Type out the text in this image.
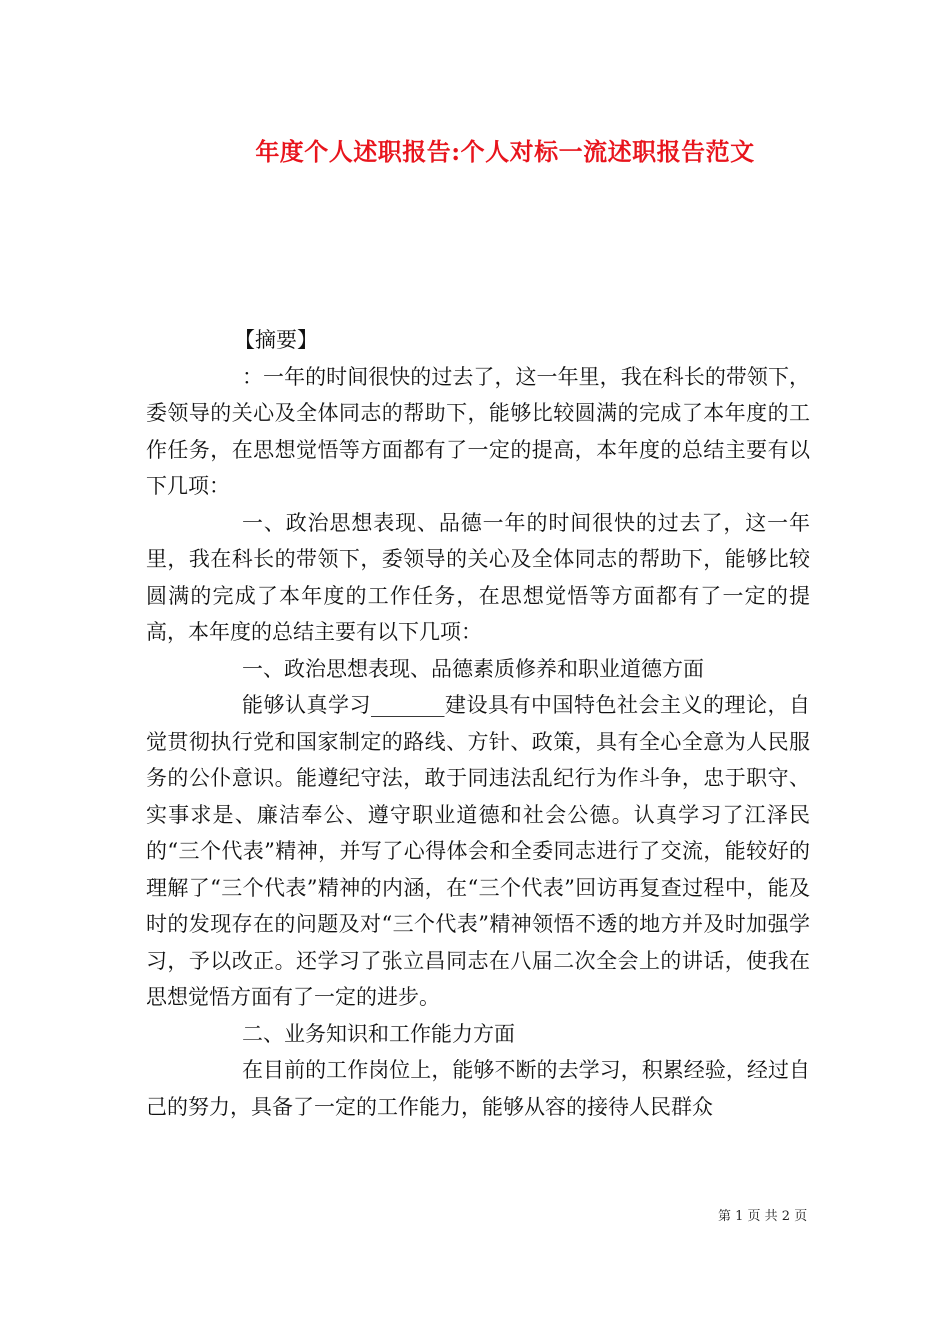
年度个人述职报告:个人对标一流述职报告范文

【摘要】

：一年的时间很快的过去了，这一年里，我在科长的带领下，委领导的关心及全体同志的帮助下，能够比较圆满的完成了本年度的工作任务，在思想觉悟等方面都有了一定的提高，本年度的总结主要有以下几项：

一、政治思想表现、品德一年的时间很快的过去了，这一年里，我在科长的带领下，委领导的关心及全体同志的帮助下，能够比较圆满的完成了本年度的工作任务，在思想觉悟等方面都有了一定的提高，本年度的总结主要有以下几项：

一、政治思想表现、品德素质修养和职业道德方面

能够认真学习_______建设具有中国特色社会主义的理论，自觉贯彻执行党和国家制定的路线、方针、政策，具有全心全意为人民服务的公仆意识。能遵纪守法，敢于同违法乱纪行为作斗争，忠于职守、实事求是、廉洁奉公、遵守职业道德和社会公德。认真学习了江泽民的“三个代表”精神，并写了心得体会和全委同志进行了交流，能较好的理解了“三个代表”精神的内涵，在“三个代表”回访再复查过程中，能及时的发现存在的问题及对“三个代表”精神领悟不透的地方并及时加强学习，予以改正。还学习了张立昌同志在八届二次全会上的讲话，使我在思想觉悟方面有了一定的进步。

二、业务知识和工作能力方面

在目前的工作岗位上，能够不断的去学习，积累经验，经过自己的努力，具备了一定的工作能力，能够从容的接待人民群众

第 1 页 共 2 页
